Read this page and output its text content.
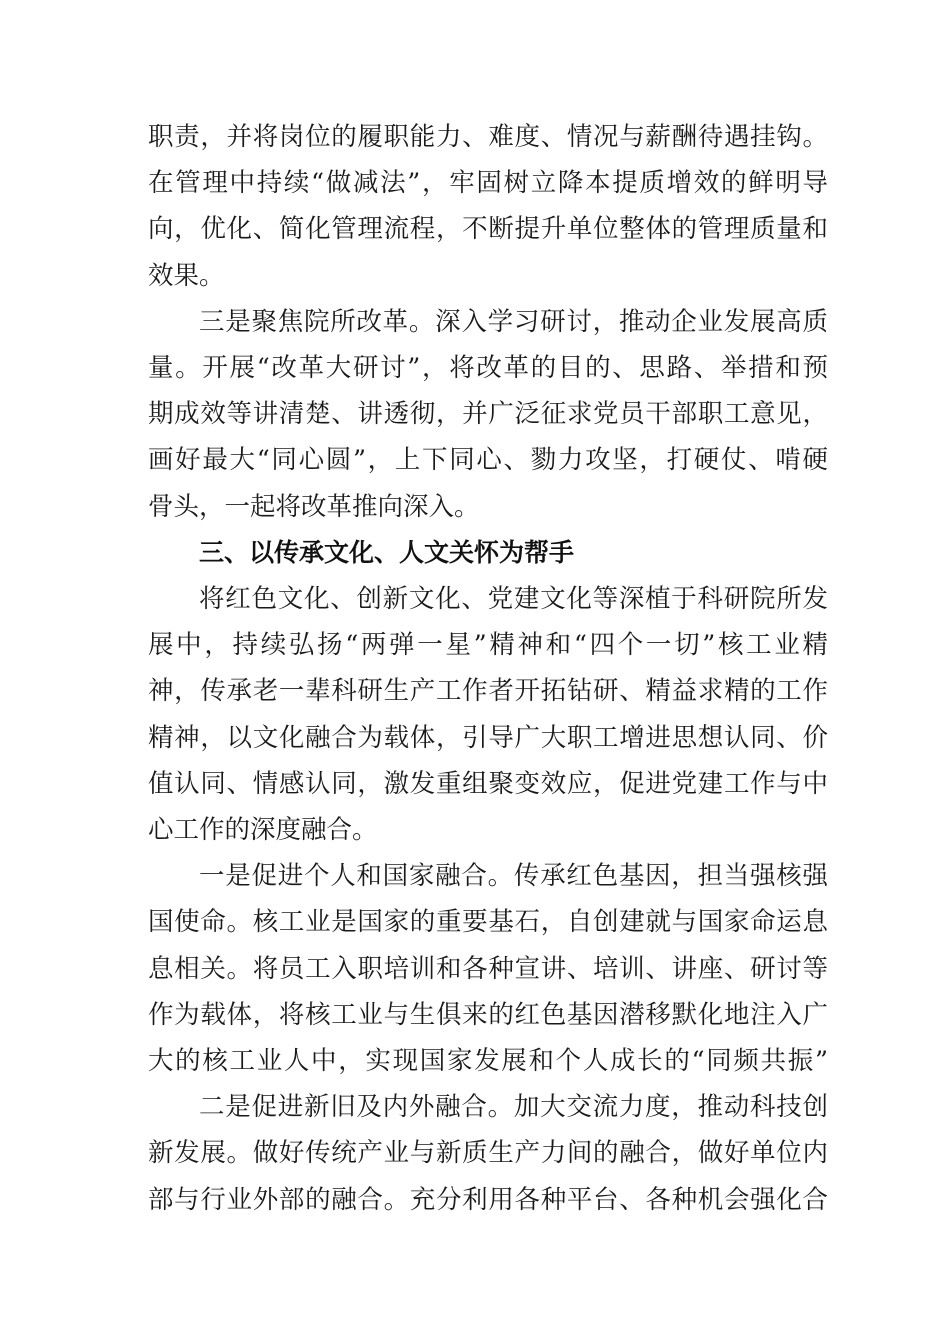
职责，并将岗位的履职能力、难度、情况与薪酬待遇挂钩。
在管理中持续“做减法”，牢固树立降本提质增效的鲜明导
向，优化、简化管理流程，不断提升单位整体的管理质量和
效果。
三是聚焦院所改革。深入学习研讨，推动企业发展高质
量。开展“改革大研讨”，将改革的目的、思路、举措和预
期成效等讲清楚、讲透彻，并广泛征求党员干部职工意见，
画好最大“同心圆”，上下同心、勠力攻坚，打硬仗、啃硬
骨头，一起将改革推向深入。
三、以传承文化、人文关怀为帮手
将红色文化、创新文化、党建文化等深植于科研院所发
展中，持续弘扬“两弹一星”精神和“四个一切”核工业精
神，传承老一辈科研生产工作者开拓钻研、精益求精的工作
精神，以文化融合为载体，引导广大职工增进思想认同、价
值认同、情感认同，激发重组聚变效应，促进党建工作与中
心工作的深度融合。
一是促进个人和国家融合。传承红色基因，担当强核强
国使命。核工业是国家的重要基石，自创建就与国家命运息
息相关。将员工入职培训和各种宣讲、培训、讲座、研讨等
作为载体，将核工业与生俱来的红色基因潜移默化地注入广
大的核工业人中，实现国家发展和个人成长的“同频共振”
二是促进新旧及内外融合。加大交流力度，推动科技创
新发展。做好传统产业与新质生产力间的融合，做好单位内
部与行业外部的融合。充分利用各种平台、各种机会强化合
